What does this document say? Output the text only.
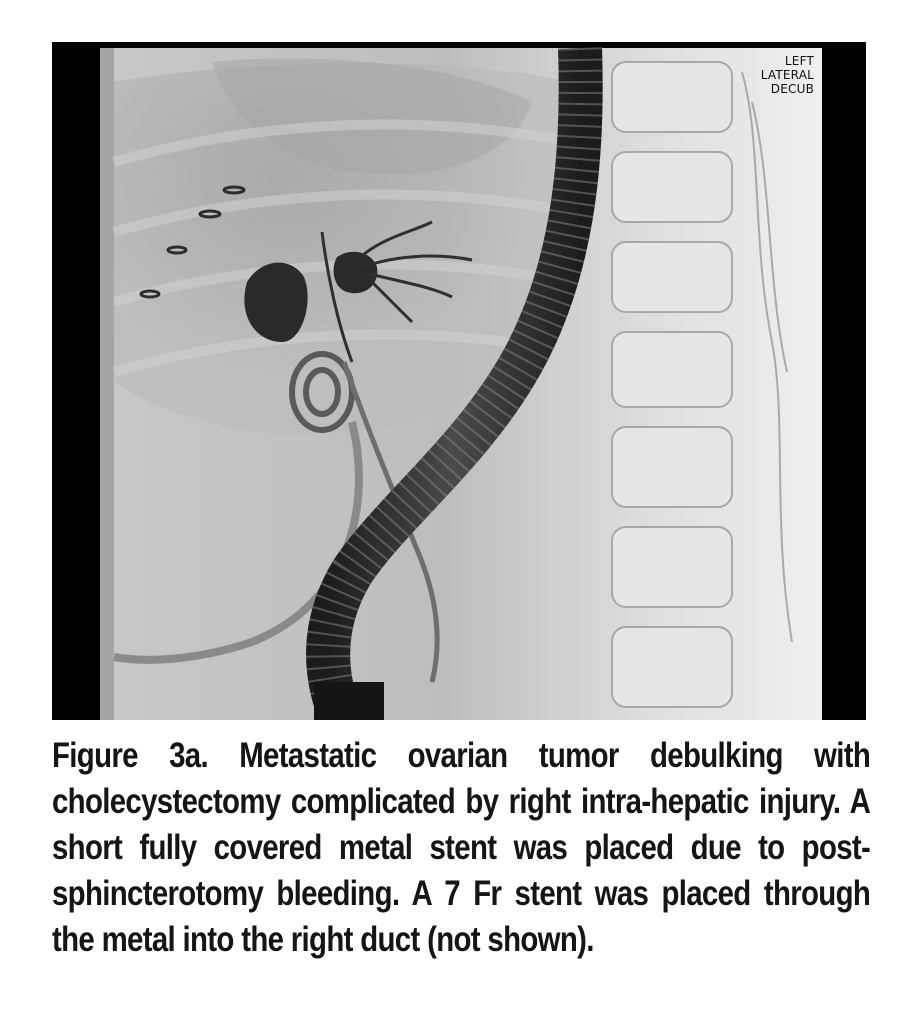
LEFT
LATERAL
DECUB

Figure 3a. Metastatic ovarian tumor debulking with cholecystectomy complicated by right intra-hepatic injury. A short fully covered metal stent was placed due to post-sphincterotomy bleeding. A 7 Fr stent was placed through the metal into the right duct (not shown).
